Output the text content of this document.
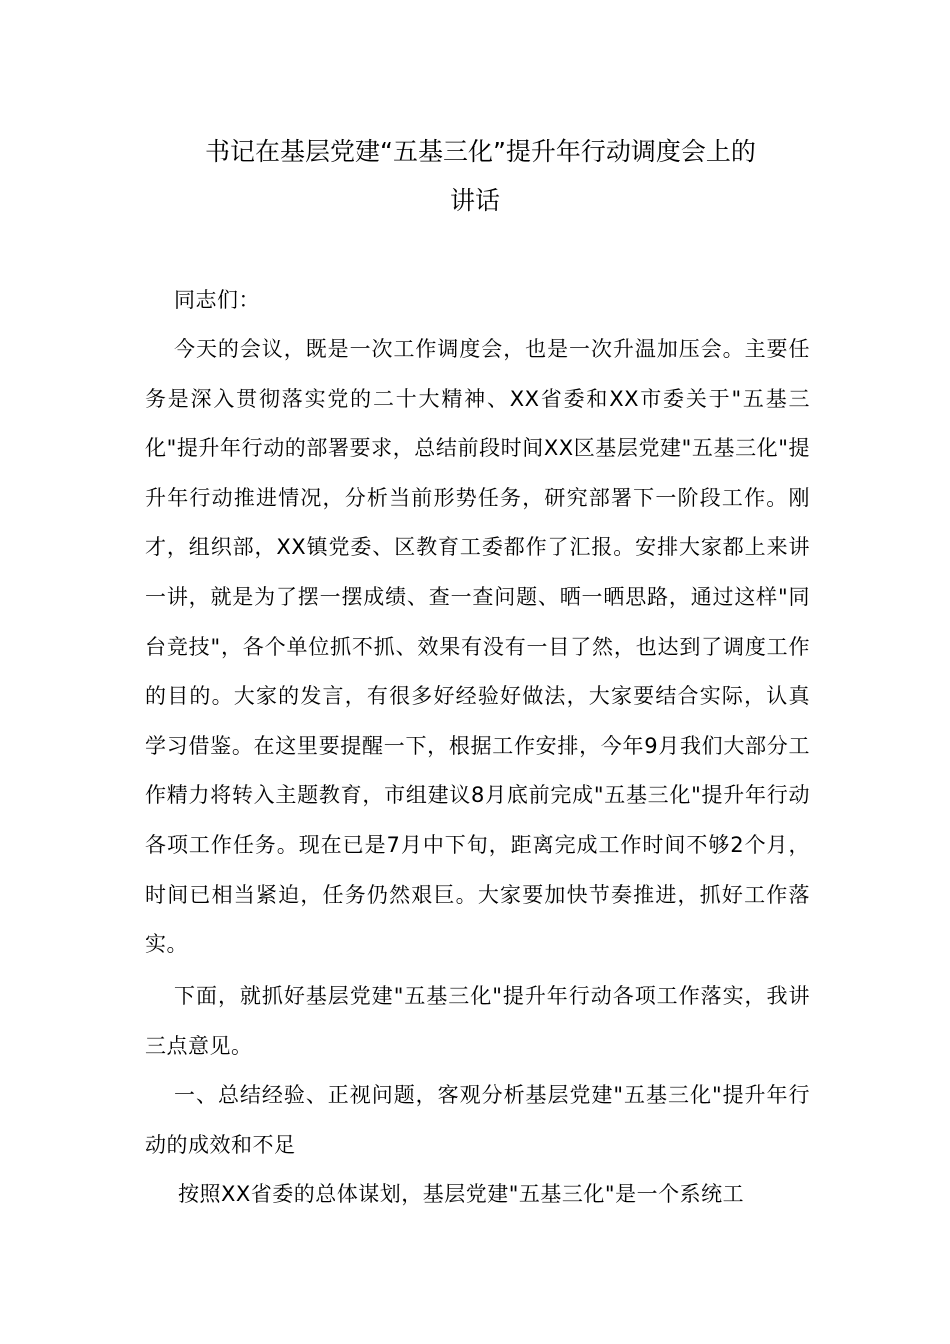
书记在基层党建“五基三化”提升年行动调度会上的
讲话

同志们：

今天的会议，既是一次工作调度会，也是一次升温加压会。主要任务是深入贯彻落实党的二十大精神、XX省委和XX市委关于"五基三化"提升年行动的部署要求，总结前段时间XX区基层党建"五基三化"提升年行动推进情况，分析当前形势任务，研究部署下一阶段工作。刚才，组织部，XX镇党委、区教育工委都作了汇报。安排大家都上来讲一讲，就是为了摆一摆成绩、查一查问题、晒一晒思路，通过这样"同台竞技"，各个单位抓不抓、效果有没有一目了然，也达到了调度工作的目的。大家的发言，有很多好经验好做法，大家要结合实际，认真学习借鉴。在这里要提醒一下，根据工作安排，今年9月我们大部分工作精力将转入主题教育，市组建议8月底前完成"五基三化"提升年行动各项工作任务。现在已是7月中下旬，距离完成工作时间不够2个月，时间已相当紧迫，任务仍然艰巨。大家要加快节奏推进，抓好工作落实。

下面，就抓好基层党建"五基三化"提升年行动各项工作落实，我讲三点意见。

一、总结经验、正视问题，客观分析基层党建"五基三化"提升年行动的成效和不足

按照XX省委的总体谋划，基层党建"五基三化"是一个系统工
